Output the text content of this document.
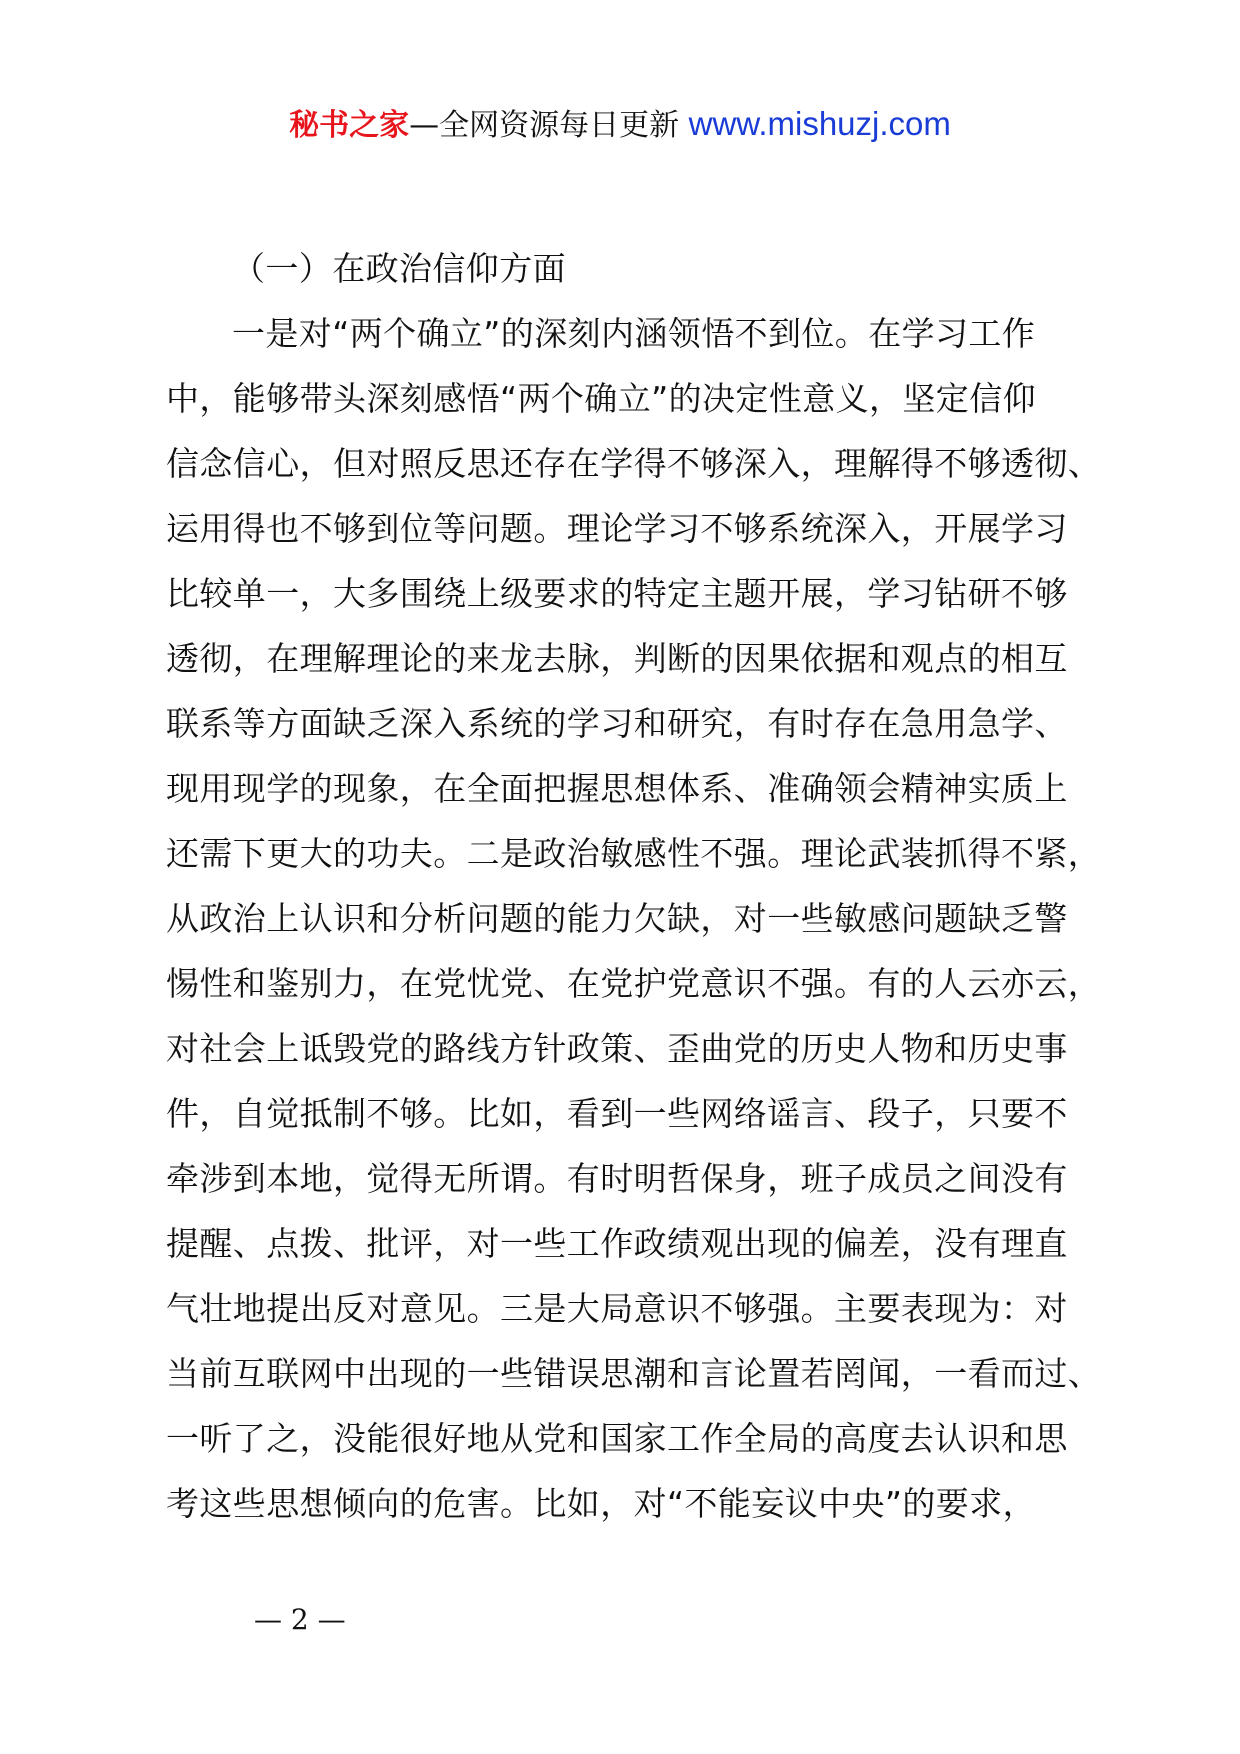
秘书之家—全网资源每日更新 www.mishuzj.com

（一）在政治信仰方面

一是对“两个确立”的深刻内涵领悟不到位。在学习工作

中，能够带头深刻感悟“两个确立”的决定性意义，坚定信仰

信念信心，但对照反思还存在学得不够深入，理解得不够透彻、

运用得也不够到位等问题。理论学习不够系统深入，开展学习

比较单一，大多围绕上级要求的特定主题开展，学习钻研不够

透彻，在理解理论的来龙去脉，判断的因果依据和观点的相互

联系等方面缺乏深入系统的学习和研究，有时存在急用急学、

现用现学的现象，在全面把握思想体系、准确领会精神实质上

还需下更大的功夫。二是政治敏感性不强。理论武装抓得不紧，

从政治上认识和分析问题的能力欠缺，对一些敏感问题缺乏警

惕性和鉴别力，在党忧党、在党护党意识不强。有的人云亦云，

对社会上诋毁党的路线方针政策、歪曲党的历史人物和历史事

件，自觉抵制不够。比如，看到一些网络谣言、段子，只要不

牵涉到本地，觉得无所谓。有时明哲保身，班子成员之间没有

提醒、点拨、批评，对一些工作政绩观出现的偏差，没有理直

气壮地提出反对意见。三是大局意识不够强。主要表现为：对

当前互联网中出现的一些错误思潮和言论置若罔闻，一看而过、

一听了之，没能很好地从党和国家工作全局的高度去认识和思

考这些思想倾向的危害。比如，对“不能妄议中央”的要求，

— 2 —
